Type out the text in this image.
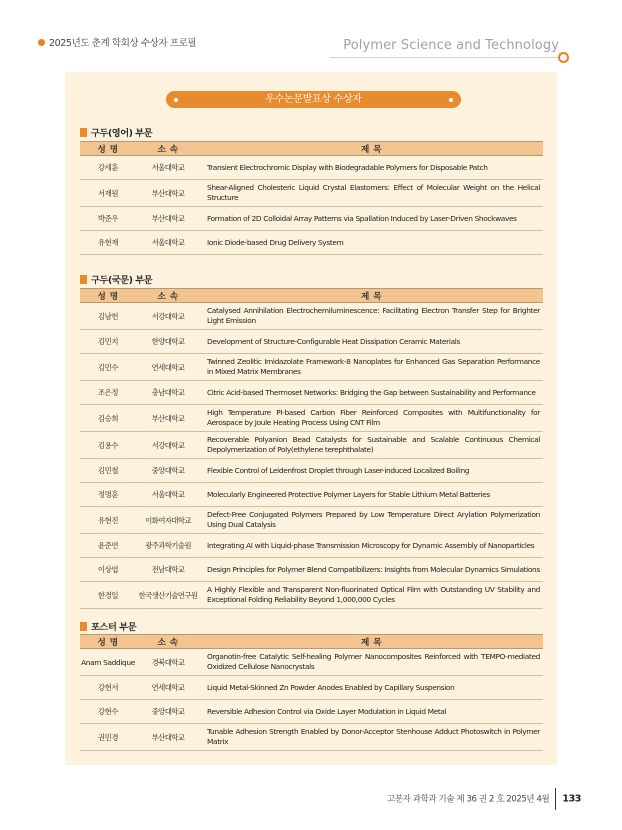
2025년도 춘계 학회상 수상자 프로필	Polymer Science and Technology
우수논문발표상 수상자
구두(영어) 부문
성 명	소 속	제 목
강세훈	서울대학교	Transient Electrochromic Display with Biodegradable Polymers for Disposable Patch
서재원	부산대학교	Shear-Aligned Cholesteric Liquid Crystal Elastomers: Effect of Molecular Weight on the Helical Structure
박준우	부산대학교	Formation of 2D Colloidal Array Patterns via Spallation Induced by Laser-Driven Shockwaves
유현재	서울대학교	Ionic Diode-based Drug Delivery System
구두(국문) 부문
성 명	소 속	제 목
김남헌	서강대학교	Catalysed Annihilation Electrochemiluminescence: Facilitating Electron Transfer Step for Brighter Light Emission
김민지	한양대학교	Development of Structure-Configurable Heat Dissipation Ceramic Materials
김민수	연세대학교	Twinned Zeolitic Imidazolate Framework-8 Nanoplates for Enhanced Gas Separation Performance in Mixed Matrix Membranes
조은정	충남대학교	Citric Acid-based Thermoset Networks: Bridging the Gap between Sustainability and Performance
김승희	부산대학교	High Temperature PI-based Carbon Fiber Reinforced Composites with Multifunctionality for Aerospace by Joule Heating Process Using CNT Film
김용수	서강대학교	Recoverable Polyanion Bead Catalysts for Sustainable and Scalable Continuous Chemical Depolymerization of Poly(ethylene terephthalate)
김민철	중앙대학교	Flexible Control of Leidenfrost Droplet through Laser-induced Localized Boiling
정명훈	서울대학교	Molecularly Engineered Protective Polymer Layers for Stable Lithium Metal Batteries
유현진	이화여자대학교	Defect-Free Conjugated Polymers Prepared by Low Temperature Direct Arylation Polymerization Using Dual Catalysis
윤준연	광주과학기술원	Integrating AI with Liquid-phase Transmission Microscopy for Dynamic Assembly of Nanoparticles
이상엽	전남대학교	Design Principles for Polymer Blend Compatibilizers: Insights from Molecular Dynamics Simulations
한경일	한국생산기술연구원	A Highly Flexible and Transparent Non-fluorinated Optical Film with Outstanding UV Stability and Exceptional Folding Reliability Beyond 1,000,000 Cycles
포스터 부문
성 명	소 속	제 목
Anam Saddique	경북대학교	Organotin-free Catalytic Self-healing Polymer Nanocomposites Reinforced with TEMPO-mediated Oxidized Cellulose Nanocrystals
강현서	연세대학교	Liquid Metal-Skinned Zn Powder Anodes Enabled by Capillary Suspension
강현수	중앙대학교	Reversible Adhesion Control via Oxide Layer Modulation in Liquid Metal
권민경	부산대학교	Tunable Adhesion Strength Enabled by Donor-Acceptor Stenhouse Adduct Photoswitch in Polymer Matrix
고분자 과학과 기술 제 36 권 2 호 2025년 4월 133
